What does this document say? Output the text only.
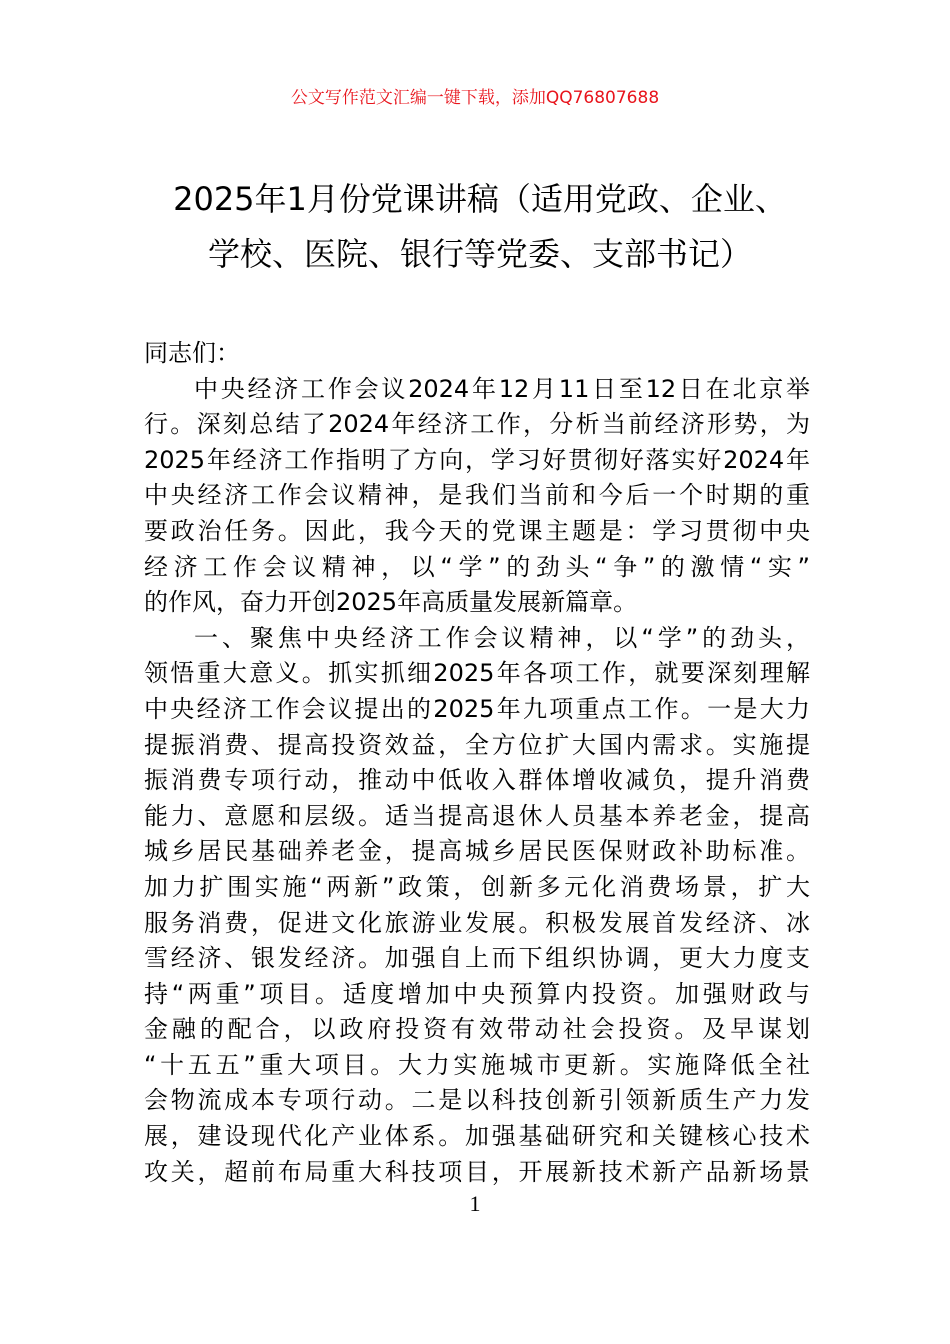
公文写作范文汇编一键下载，添加QQ76807688
2025年1月份党课讲稿（适用党政、企业、
学校、医院、银行等党委、支部书记）
同志们：
中央经济工作会议2024年12月11日至12日在北京举
行。深刻总结了2024年经济工作，分析当前经济形势，为
2025年经济工作指明了方向，学习好贯彻好落实好2024年
中央经济工作会议精神，是我们当前和今后一个时期的重
要政治任务。因此，我今天的党课主题是：学习贯彻中央
经济工作会议精神，以“学”的劲头“争”的激情“实”
的作风，奋力开创2025年高质量发展新篇章。
一、聚焦中央经济工作会议精神，以“学”的劲头，
领悟重大意义。抓实抓细2025年各项工作，就要深刻理解
中央经济工作会议提出的2025年九项重点工作。一是大力
提振消费、提高投资效益，全方位扩大国内需求。实施提
振消费专项行动，推动中低收入群体增收减负，提升消费
能力、意愿和层级。适当提高退休人员基本养老金，提高
城乡居民基础养老金，提高城乡居民医保财政补助标准。
加力扩围实施“两新”政策，创新多元化消费场景，扩大
服务消费，促进文化旅游业发展。积极发展首发经济、冰
雪经济、银发经济。加强自上而下组织协调，更大力度支
持“两重”项目。适度增加中央预算内投资。加强财政与
金融的配合，以政府投资有效带动社会投资。及早谋划
“十五五”重大项目。大力实施城市更新。实施降低全社
会物流成本专项行动。二是以科技创新引领新质生产力发
展，建设现代化产业体系。加强基础研究和关键核心技术
攻关，超前布局重大科技项目，开展新技术新产品新场景
1
